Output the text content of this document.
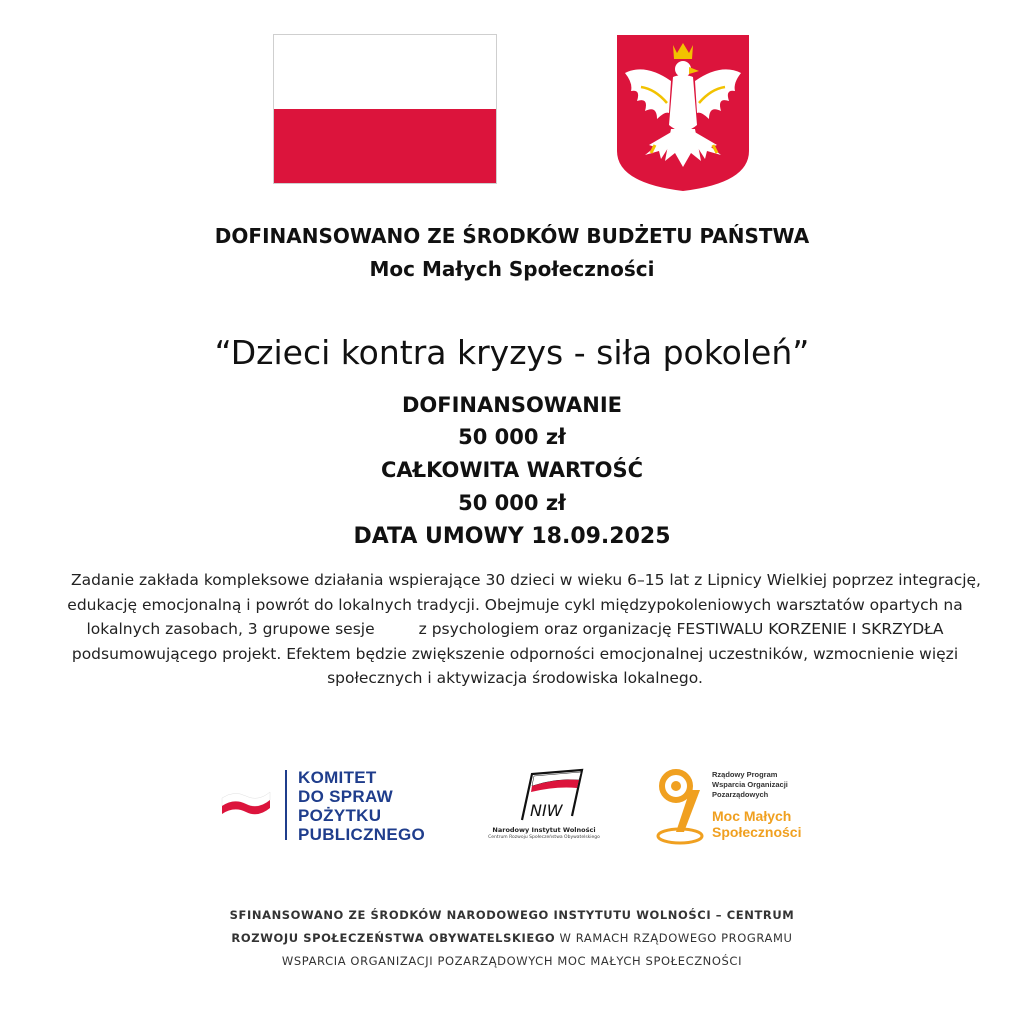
DOFINANSOWANO ZE ŚRODKÓW BUDŻETU PAŃSTWA
Moc Małych Społeczności
“Dzieci kontra kryzys - siła pokoleń”
DOFINANSOWANIE
50 000 zł
CAŁKOWITA WARTOŚĆ
50 000 zł
DATA UMOWY 18.09.2025
Zadanie zakłada kompleksowe działania wspierające 30 dzieci w wieku 6–15 lat z Lipnicy Wielkiej poprzez integrację,
edukację emocjonalną i powrót do lokalnych tradycji. Obejmuje cykl międzypokoleniowych warsztatów opartych na
lokalnych zasobach, 3 grupowe sesje	z psychologiem oraz organizację FESTIWALU KORZENIE I SKRZYDŁA
podsumowującego projekt. Efektem będzie zwiększenie odporności emocjonalnej uczestników, wzmocnienie więzi
społecznych i aktywizacja środowiska lokalnego.
KOMITET
DO SPRAW
POŻYTKU
PUBLICZNEGO
NIW
Narodowy Instytut Wolności
Centrum Rozwoju Społeczeństwa Obywatelskiego
Rządowy Program
Wsparcia Organizacji
Pozarządowych
Moc Małych
Społeczności
SFINANSOWANO ZE ŚRODKÓW NARODOWEGO INSTYTUTU WOLNOŚCI – CENTRUM
ROZWOJU SPOŁECZEŃSTWA OBYWATELSKIEGO W RAMACH RZĄDOWEGO PROGRAMU
WSPARCIA ORGANIZACJI POZARZĄDOWYCH MOC MAŁYCH SPOŁECZNOŚCI
